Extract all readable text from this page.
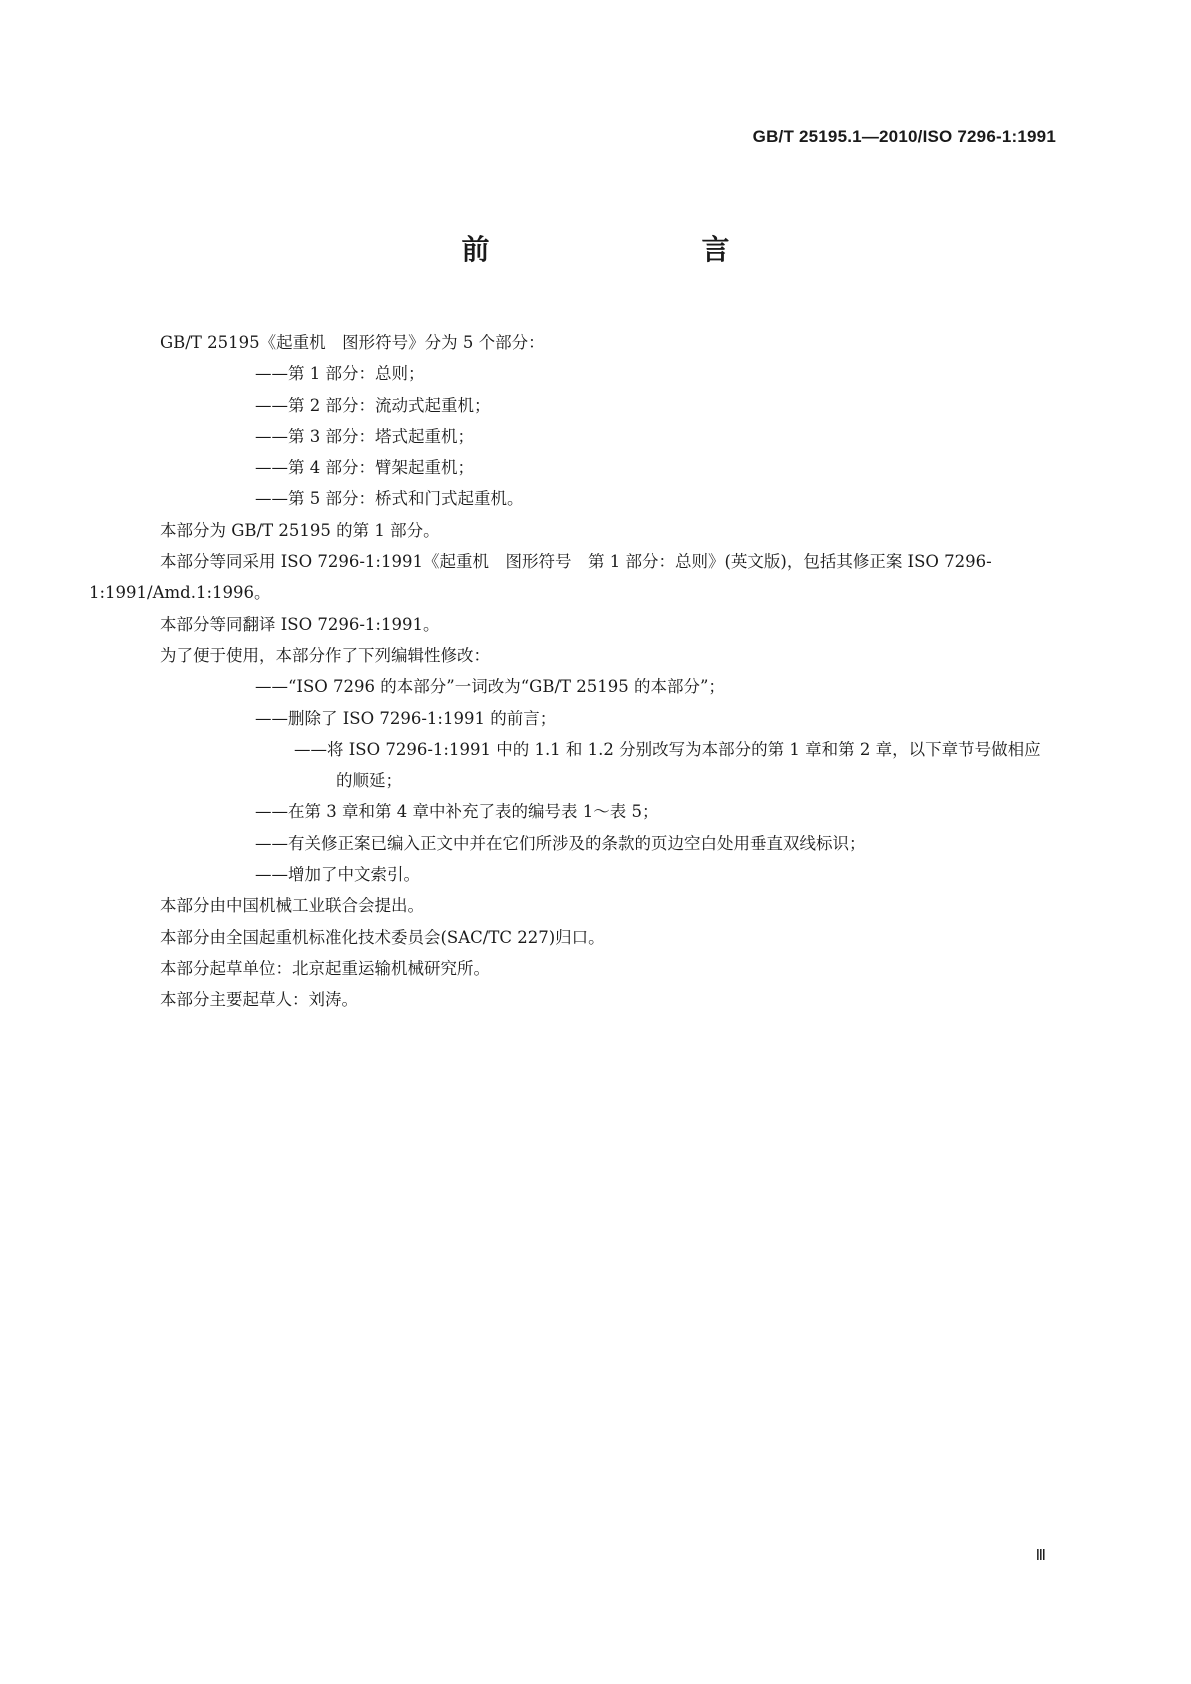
GB/T 25195.1—2010/ISO 7296-1:1991
前　　言

GB/T 25195《起重机　图形符号》分为 5 个部分：

——第 1 部分：总则；

——第 2 部分：流动式起重机；

——第 3 部分：塔式起重机；

——第 4 部分：臂架起重机；

——第 5 部分：桥式和门式起重机。

本部分为 GB/T 25195 的第 1 部分。

本部分等同采用 ISO 7296-1:1991《起重机　图形符号　第 1 部分：总则》(英文版)，包括其修正案 ISO 7296-1:1991/Amd.1:1996。

本部分等同翻译 ISO 7296-1:1991。

为了便于使用，本部分作了下列编辑性修改：

——“ISO 7296 的本部分”一词改为“GB/T 25195 的本部分”；

——删除了 ISO 7296-1:1991 的前言；

——将 ISO 7296-1:1991 中的 1.1 和 1.2 分别改写为本部分的第 1 章和第 2 章，以下章节号做相应的顺延；

——在第 3 章和第 4 章中补充了表的编号表 1～表 5；

——有关修正案已编入正文中并在它们所涉及的条款的页边空白处用垂直双线标识；

——增加了中文索引。

本部分由中国机械工业联合会提出。

本部分由全国起重机标准化技术委员会(SAC/TC 227)归口。

本部分起草单位：北京起重运输机械研究所。

本部分主要起草人：刘涛。

Ⅲ
